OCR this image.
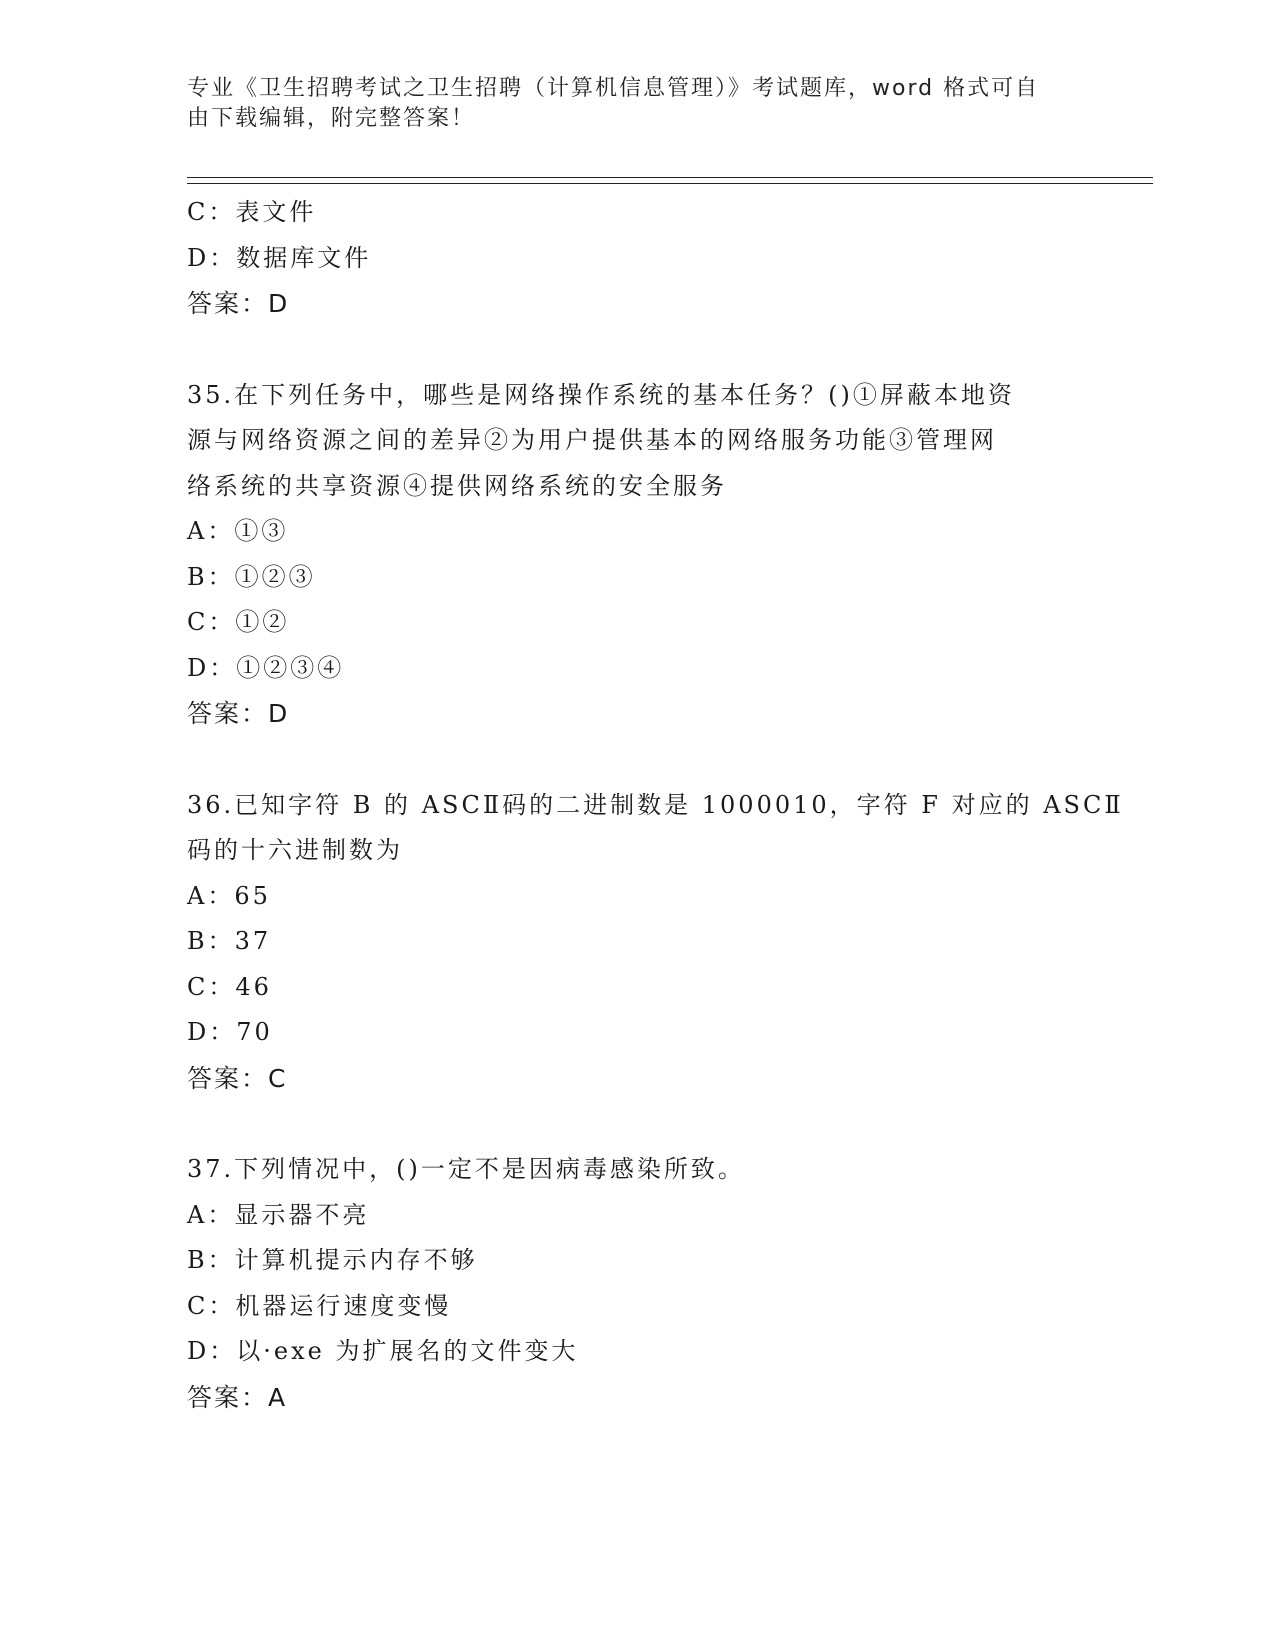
专业《卫生招聘考试之卫生招聘（计算机信息管理）》考试题库，word 格式可自
由下载编辑，附完整答案！
C：表文件
D：数据库文件
答案：D
35.在下列任务中，哪些是网络操作系统的基本任务？()①屏蔽本地资
源与网络资源之间的差异②为用户提供基本的网络服务功能③管理网
络系统的共享资源④提供网络系统的安全服务
A：①③
B：①②③
C：①②
D：①②③④
答案：D
36.已知字符 B 的 ASCⅡ码的二进制数是 1000010，字符 F 对应的 ASCⅡ
码的十六进制数为
A：65
B：37
C：46
D：70
答案：C
37.下列情况中，()一定不是因病毒感染所致。
A：显示器不亮
B：计算机提示内存不够
C：机器运行速度变慢
D：以·exe 为扩展名的文件变大
答案：A
